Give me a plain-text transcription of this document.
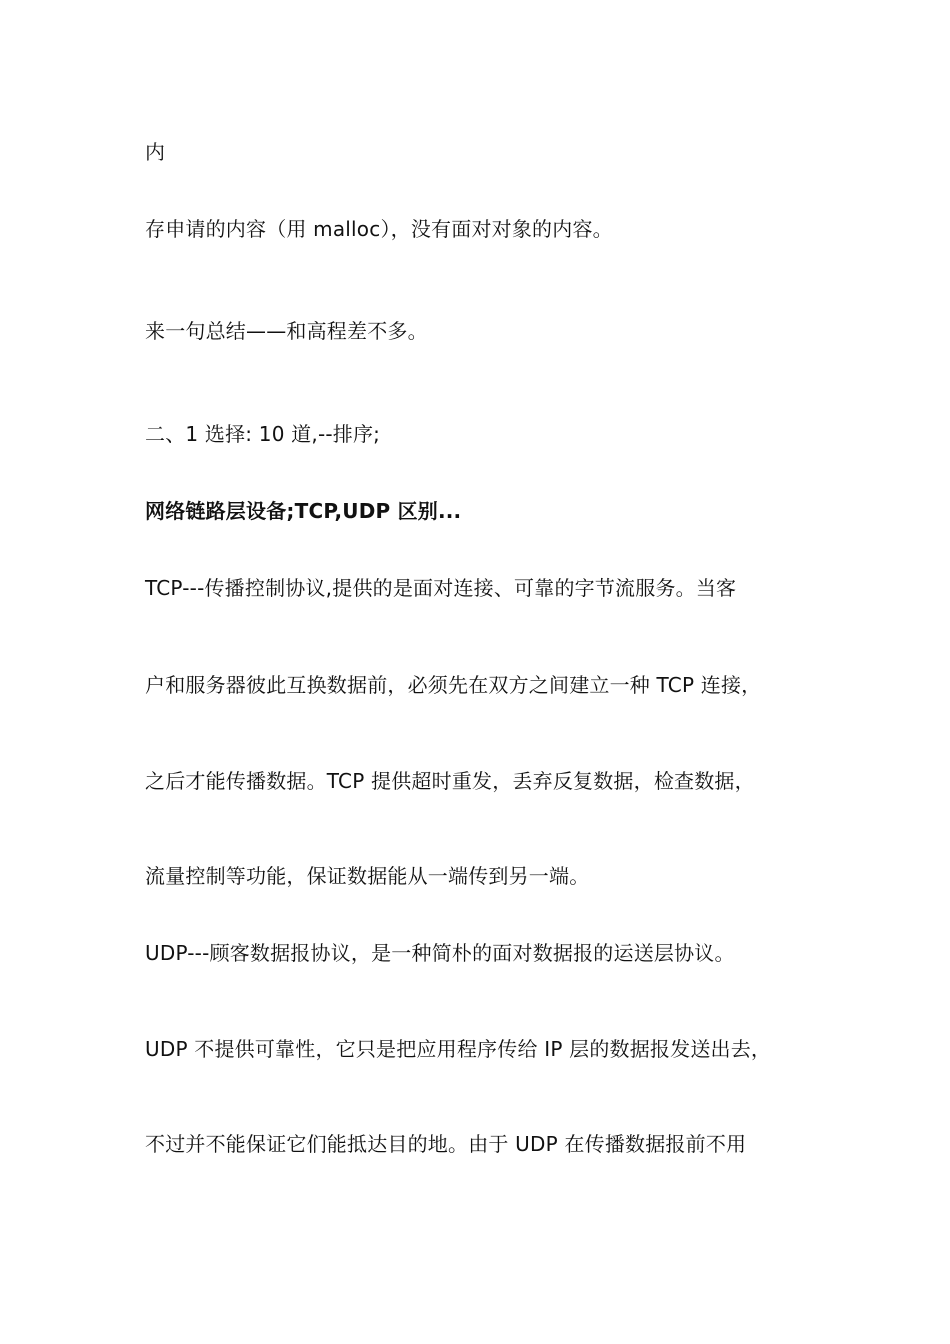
内
存申请的内容（用 malloc），没有面对对象的内容。
来一句总结——和高程差不多。
二、1 选择: 10 道,--排序;
网络链路层设备;TCP,UDP 区别...
TCP---传播控制协议,提供的是面对连接、可靠的字节流服务。当客
户和服务器彼此互换数据前，必须先在双方之间建立一种 TCP 连接，
之后才能传播数据。TCP 提供超时重发，丢弃反复数据，检查数据，
流量控制等功能，保证数据能从一端传到另一端。
UDP---顾客数据报协议，是一种简朴的面对数据报的运送层协议。
UDP 不提供可靠性，它只是把应用程序传给 IP 层的数据报发送出去，
不过并不能保证它们能抵达目的地。由于 UDP 在传播数据报前不用
